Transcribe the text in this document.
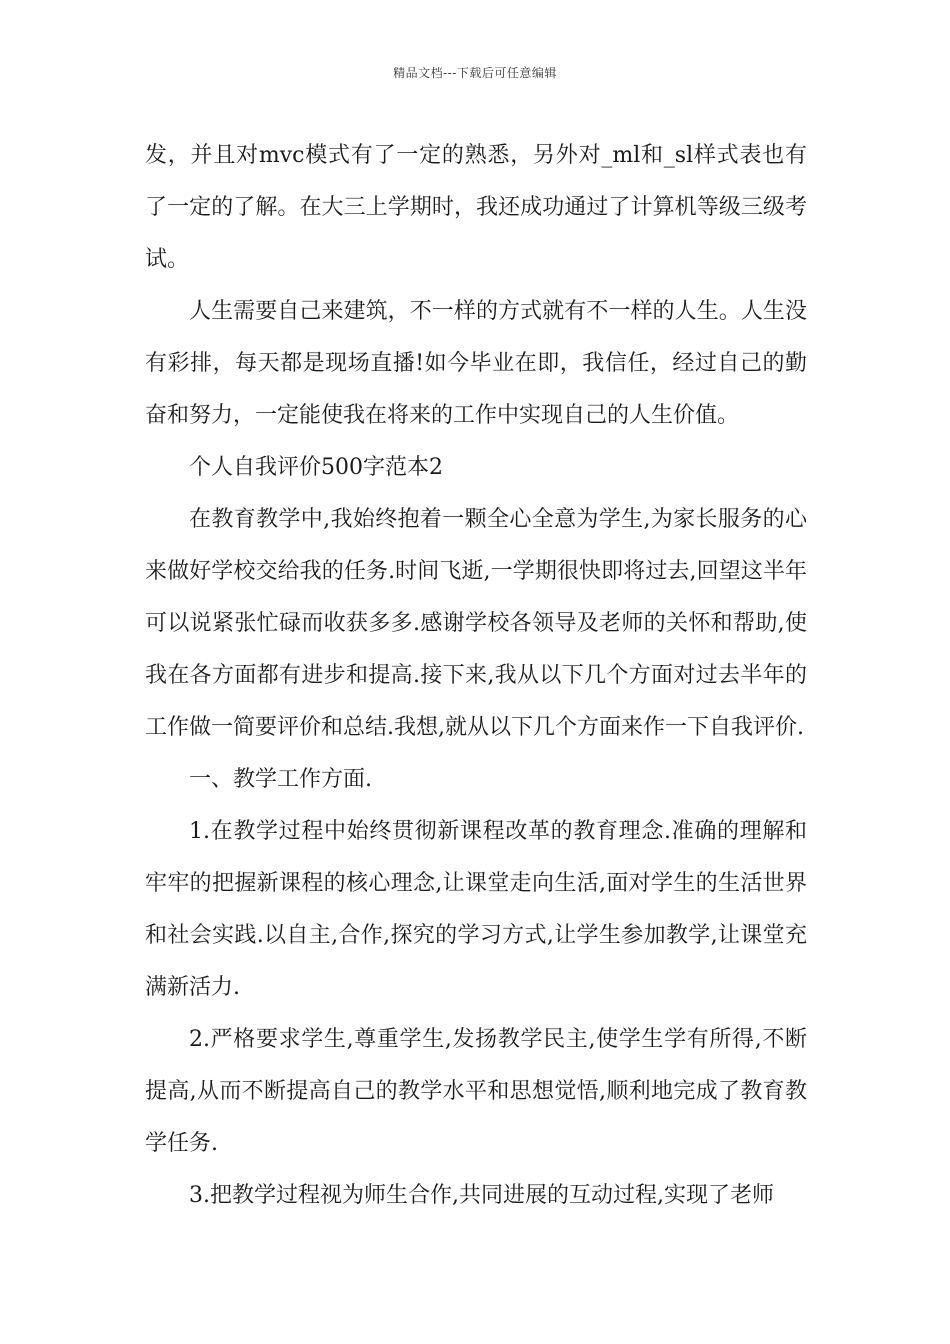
精品文档---下载后可任意编辑

发，并且对mvc模式有了一定的熟悉，另外对_ml和_sl样式表也有了一定的了解。在大三上学期时，我还成功通过了计算机等级三级考试。

人生需要自己来建筑，不一样的方式就有不一样的人生。人生没有彩排，每天都是现场直播!如今毕业在即，我信任，经过自己的勤奋和努力，一定能使我在将来的工作中实现自己的人生价值。

个人自我评价500字范本2

在教育教学中,我始终抱着一颗全心全意为学生,为家长服务的心来做好学校交给我的任务.时间飞逝,一学期很快即将过去,回望这半年可以说紧张忙碌而收获多多.感谢学校各领导及老师的关怀和帮助,使我在各方面都有进步和提高.接下来,我从以下几个方面对过去半年的工作做一简要评价和总结.我想,就从以下几个方面来作一下自我评价.

一、教学工作方面.

1.在教学过程中始终贯彻新课程改革的教育理念.准确的理解和牢牢的把握新课程的核心理念,让课堂走向生活,面对学生的生活世界和社会实践.以自主,合作,探究的学习方式,让学生参加教学,让课堂充满新活力.

2.严格要求学生,尊重学生,发扬教学民主,使学生学有所得,不断提高,从而不断提高自己的教学水平和思想觉悟,顺利地完成了教育教学任务.

3.把教学过程视为师生合作,共同进展的互动过程,实现了老师
